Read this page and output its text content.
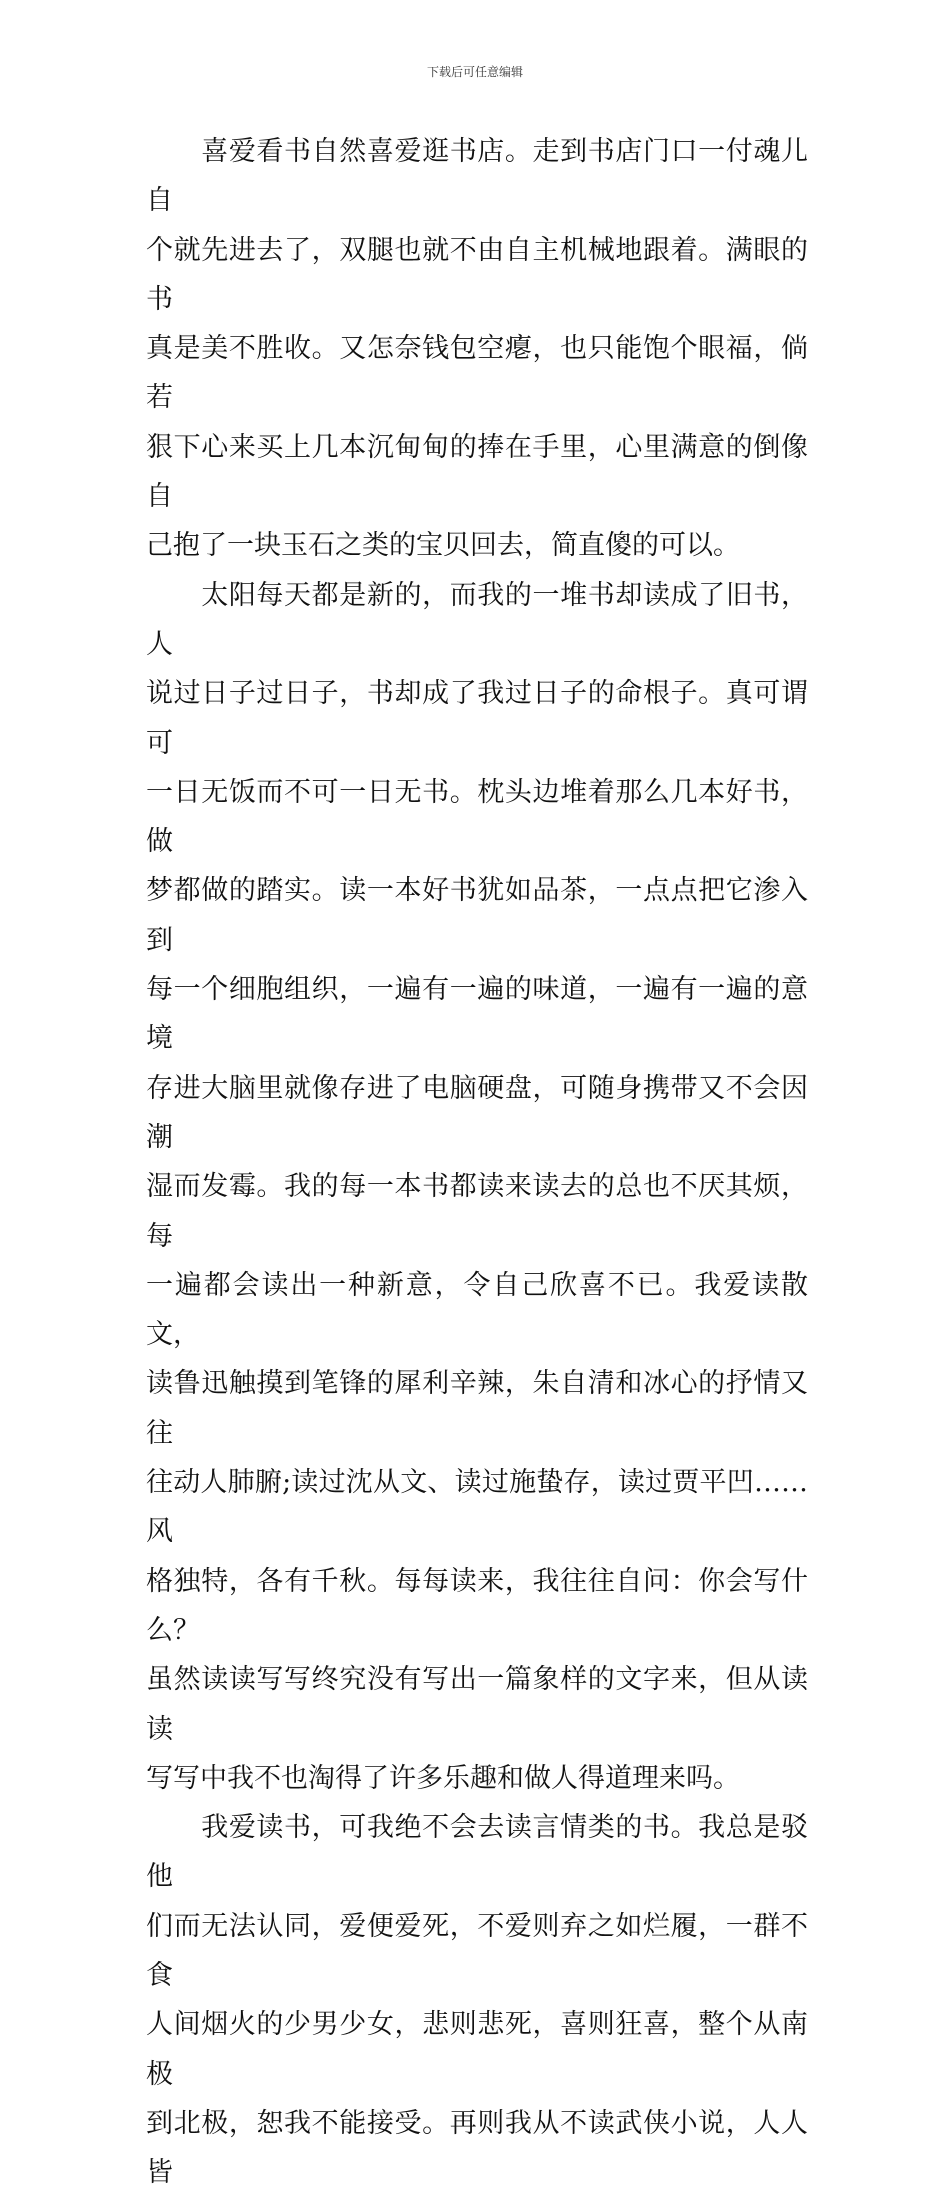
下载后可任意编辑

　　喜爱看书自然喜爱逛书店。走到书店门口一付魂儿自
个就先进去了，双腿也就不由自主机械地跟着。满眼的书
真是美不胜收。又怎奈钱包空瘪，也只能饱个眼福，倘若
狠下心来买上几本沉甸甸的捧在手里，心里满意的倒像自
己抱了一块玉石之类的宝贝回去，简直傻的可以。

　　太阳每天都是新的，而我的一堆书却读成了旧书，人
说过日子过日子，书却成了我过日子的命根子。真可谓可
一日无饭而不可一日无书。枕头边堆着那么几本好书，做
梦都做的踏实。读一本好书犹如品茶，一点点把它渗入到
每一个细胞组织，一遍有一遍的味道，一遍有一遍的意境
存进大脑里就像存进了电脑硬盘，可随身携带又不会因潮
湿而发霉。我的每一本书都读来读去的总也不厌其烦，每
一遍都会读出一种新意，令自己欣喜不已。我爱读散文，
读鲁迅触摸到笔锋的犀利辛辣，朱自清和冰心的抒情又往
往动人肺腑;读过沈从文、读过施蛰存，读过贾平凹……风
格独特，各有千秋。每每读来，我往往自问：你会写什么？
虽然读读写写终究没有写出一篇象样的文字来，但从读读
写写中我不也淘得了许多乐趣和做人得道理来吗。

　　我爱读书，可我绝不会去读言情类的书。我总是驳他
们而无法认同，爱便爱死，不爱则弃之如烂履，一群不食
人间烟火的少男少女，悲则悲死，喜则狂喜，整个从南极
到北极，恕我不能接受。再则我从不读武侠小说，人人皆
